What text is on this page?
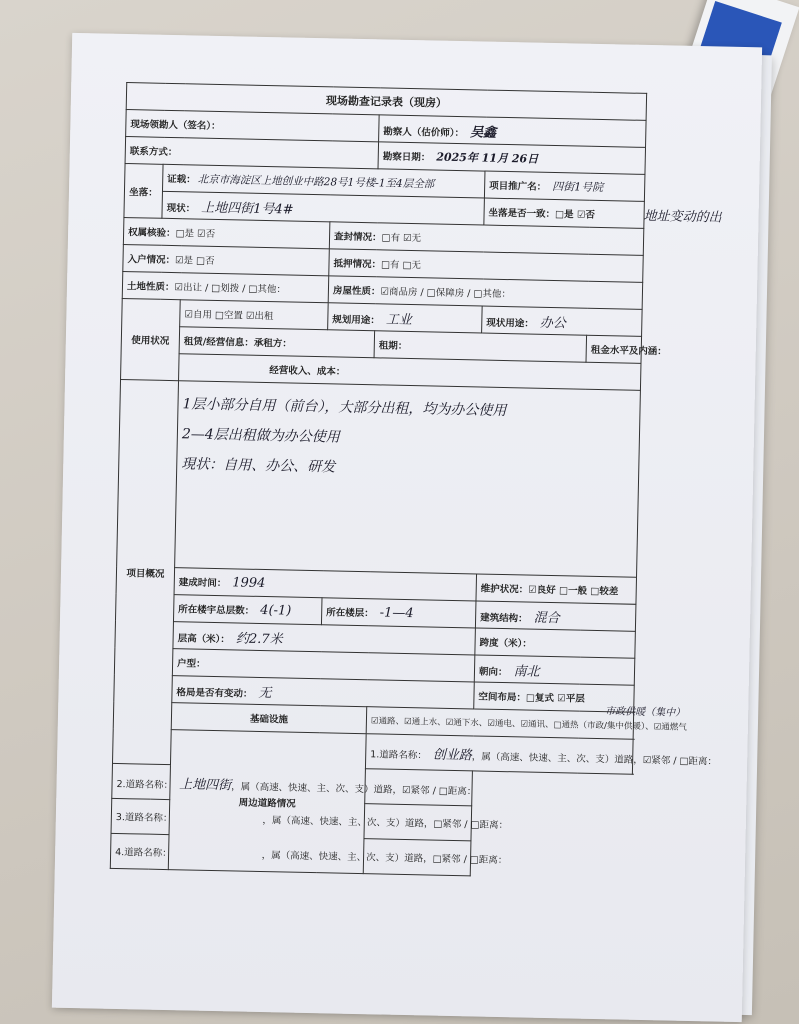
地址变动的出
现场勘查记录表（现房）						
现场领勘人（签名）：				勘察人（估价师）： 吴鑫		
联系方式：				勘察日期： 2025年 11月 26日		
坐落：	证载： 北京市海淀区上地创业中路28号1号楼-1至4层全部				项目推广名： 四街1号院	
	现状： 上地四街1号4#				坐落是否一致：□是 ☑否	
权属核验：□是 ☑否			查封情况：□有 ☑无			
入户情况：☑是 □否			抵押情况：□有 □无			
土地性质：☑出让 / □划拨 / □其他：			房屋性质：☑商品房 / □保障房 / □其他：			
使用状况		☑自用 □空置 ☑出租	规划用途： 工业		现状用途： 办公	
		租赁/经营信息：承租方：		租期：		租金水平及内涵：
		经营收入、成本：				
项目概况		1层小部分自用（前台），大部分出租，均为办公使用
2—4层出租做为办公使用
現状：自用、办公、研发				

		建成时间： 1994			维护状况：☑良好 □一般 □较差	
		所在楼宇总层数： 4(-1)	所在楼层： -1—4		建筑结构： 混合	
		层高（米）： 约2.7米			跨度（米）：	
		户型：			朝向： 南北	
		格局是否有变动： 无			空间布局：□复式 ☑平层	
		基础设施		市政供暖（集中）
☑通路、☑通上水、☑通下水、☑通电、☑通讯、□通热（市政/集中供暖）、☑通燃气		
		周边道路情况		1.道路名称： 创业路，属（高速、快速、主、次、支）道路，☑紧邻 / □距离：		
2.道路名称： 上地四街，属（高速、快速、主、次、支）道路，☑紧邻 / □距离：						
3.道路名称： ，属（高速、快速、主、次、支）道路，□紧邻 / □距离：						
4.道路名称： ，属（高速、快速、主、次、支）道路，□紧邻 / □距离：						
